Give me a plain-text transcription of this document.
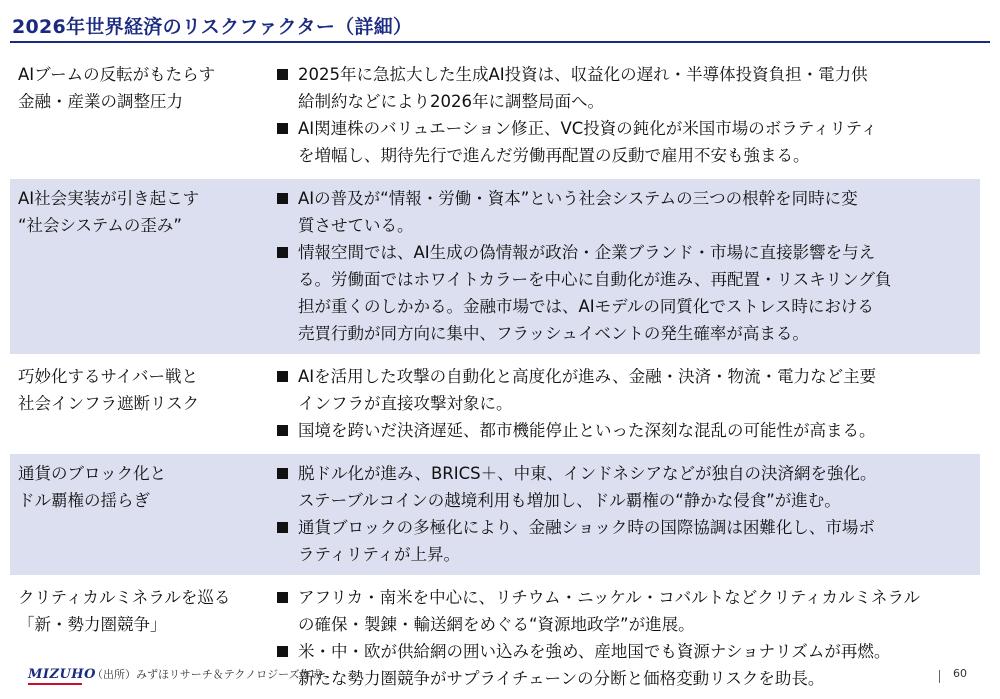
2026年世界経済のリスクファクター（詳細）
AIブームの反転がもたらす
金融・産業の調整圧力
2025年に急拡大した生成AI投資は、収益化の遅れ・半導体投資負担・電力供
給制約などにより2026年に調整局面へ。
AI関連株のバリュエーション修正、VC投資の鈍化が米国市場のボラティリティ
を増幅し、期待先行で進んだ労働再配置の反動で雇用不安も強まる。
AI社会実装が引き起こす
“社会システムの歪み”
AIの普及が“情報・労働・資本”という社会システムの三つの根幹を同時に変
質させている。
情報空間では、AI生成の偽情報が政治・企業ブランド・市場に直接影響を与え
る。労働面ではホワイトカラーを中心に自動化が進み、再配置・リスキリング負
担が重くのしかかる。金融市場では、AIモデルの同質化でストレス時における
売買行動が同方向に集中、フラッシュイベントの発生確率が高まる。
巧妙化するサイバー戦と
社会インフラ遮断リスク
AIを活用した攻撃の自動化と高度化が進み、金融・決済・物流・電力など主要
インフラが直接攻撃対象に。
国境を跨いだ決済遅延、都市機能停止といった深刻な混乱の可能性が高まる。
通貨のブロック化と
ドル覇権の揺らぎ
脱ドル化が進み、BRICS＋、中東、インドネシアなどが独自の決済網を強化。
ステーブルコインの越境利用も増加し、ドル覇権の“静かな侵食”が進む。
通貨ブロックの多極化により、金融ショック時の国際協調は困難化し、市場ボ
ラティリティが上昇。
クリティカルミネラルを巡る
「新・勢力圏競争」
アフリカ・南米を中心に、リチウム・ニッケル・コバルトなどクリティカルミネラル
の確保・製錬・輸送網をめぐる“資源地政学”が進展。
米・中・欧が供給網の囲い込みを強め、産地国でも資源ナショナリズムが再燃。
新たな勢力圏競争がサプライチェーンの分断と価格変動リスクを助長。
MIZUHO
（出所）みずほリサーチ＆テクノロジーズ作成	60
